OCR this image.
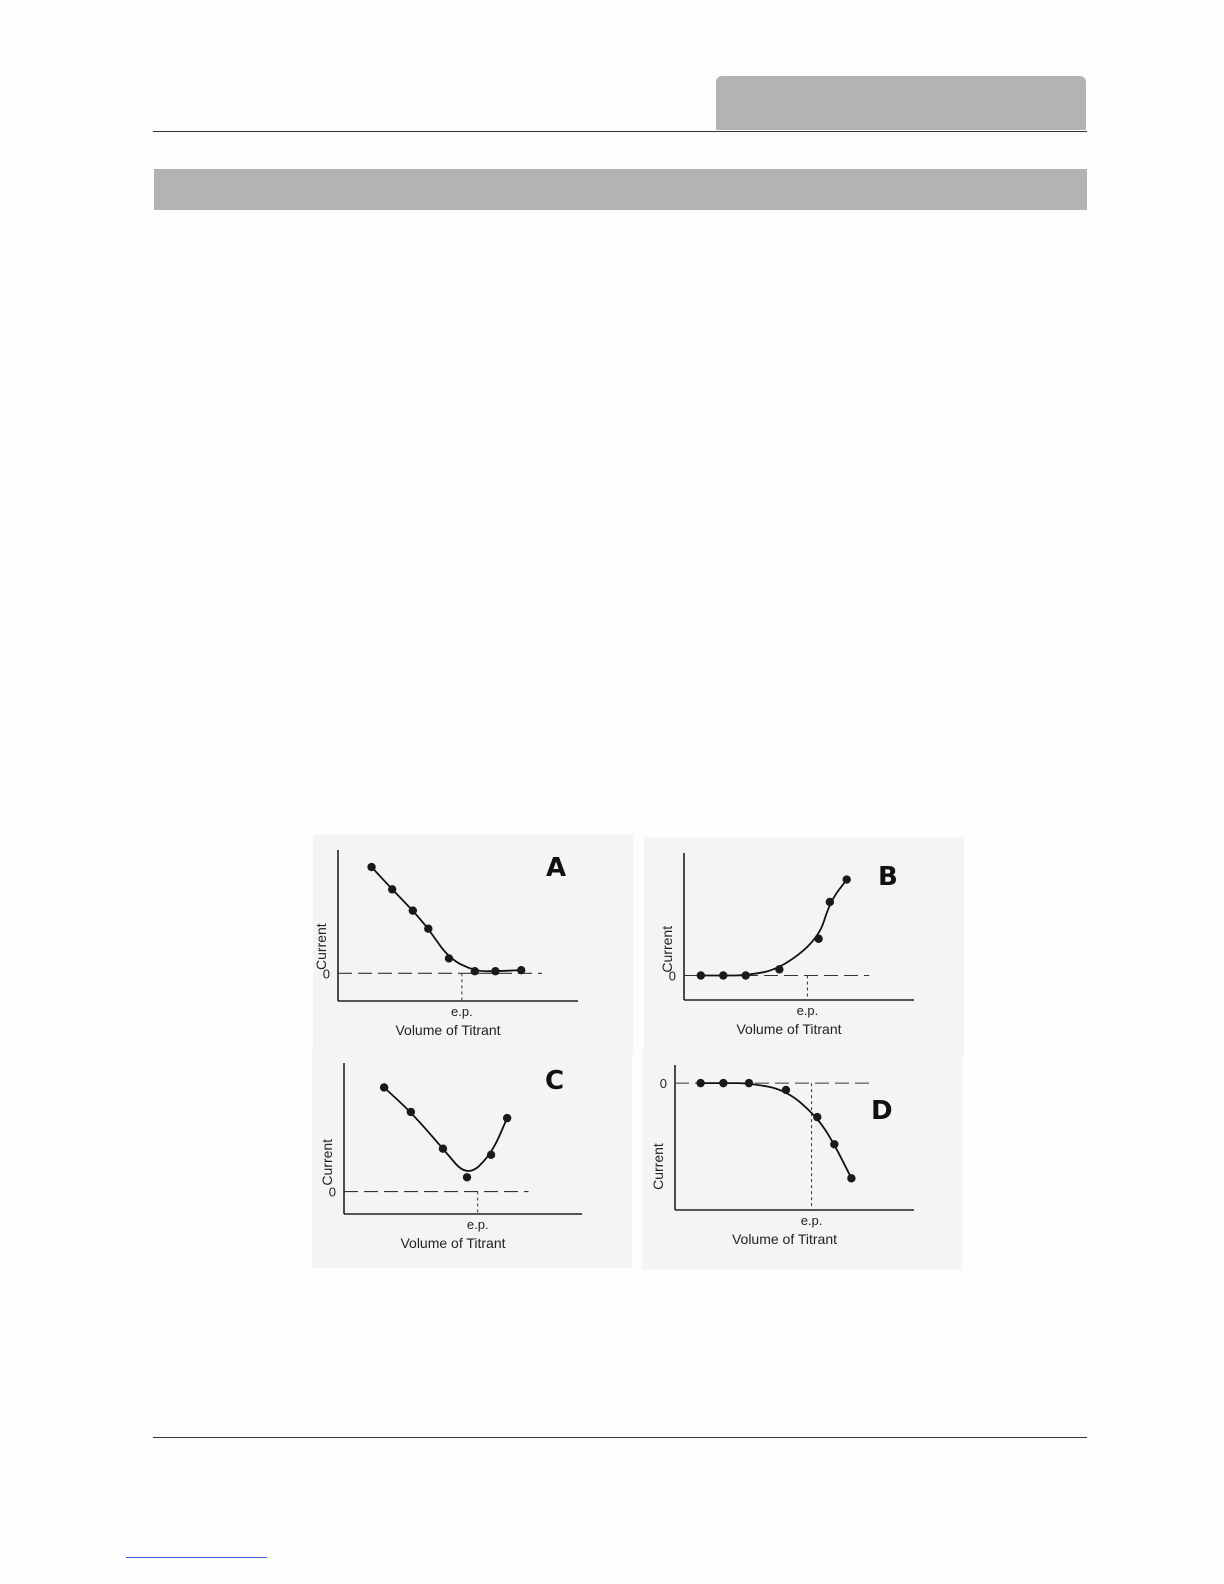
0
e.p.
Volume of Titrant
Current
A
0
e.p.
Volume of Titrant
Current
B
0
e.p.
Volume of Titrant
Current
C	0
e.p.
Volume of Titrant
Current
D
